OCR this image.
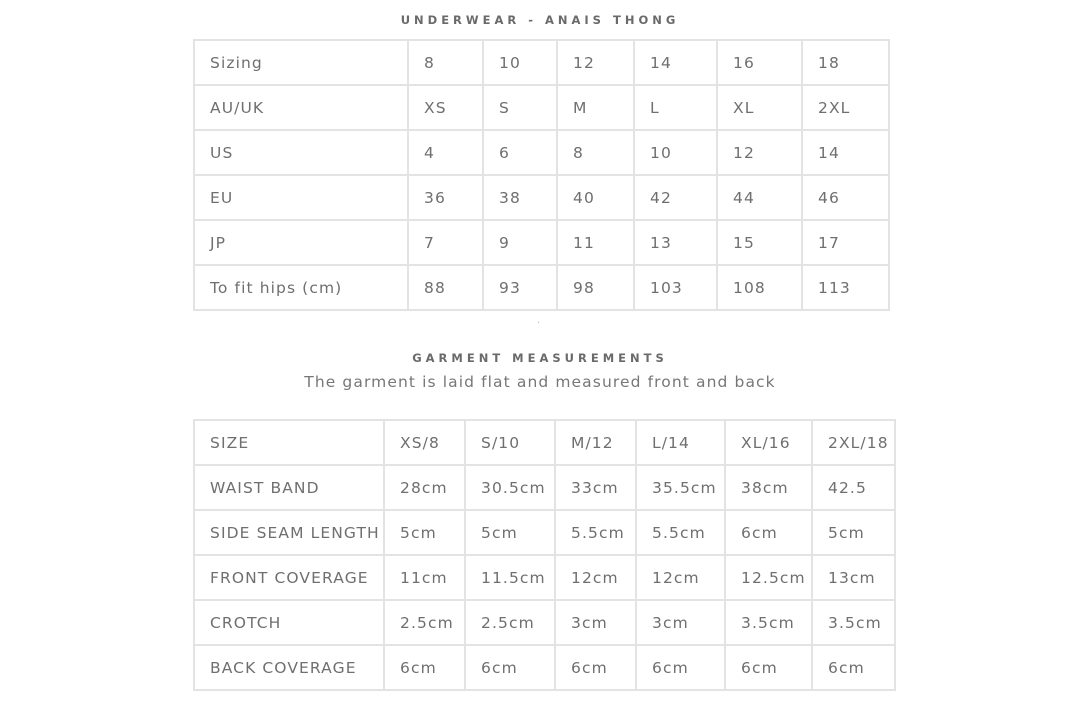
UNDERWEAR - ANAIS THONG
Sizing	8	10	12	14	16	18
AU/UK	XS	S	M	L	XL	2XL
US	4	6	8	10	12	14
EU	36	38	40	42	44	46
JP	7	9	11	13	15	17
To fit hips (cm)	88	93	98	103	108	113
·
GARMENT MEASUREMENTS
The garment is laid flat and measured front and back
SIZE	XS/8	S/10	M/12	L/14	XL/16	2XL/18
WAIST BAND	28cm	30.5cm	33cm	35.5cm	38cm	42.5
SIDE SEAM LENGTH	5cm	5cm	5.5cm	5.5cm	6cm	5cm
FRONT COVERAGE	11cm	11.5cm	12cm	12cm	12.5cm	13cm
CROTCH	2.5cm	2.5cm	3cm	3cm	3.5cm	3.5cm
BACK COVERAGE	6cm	6cm	6cm	6cm	6cm	6cm
